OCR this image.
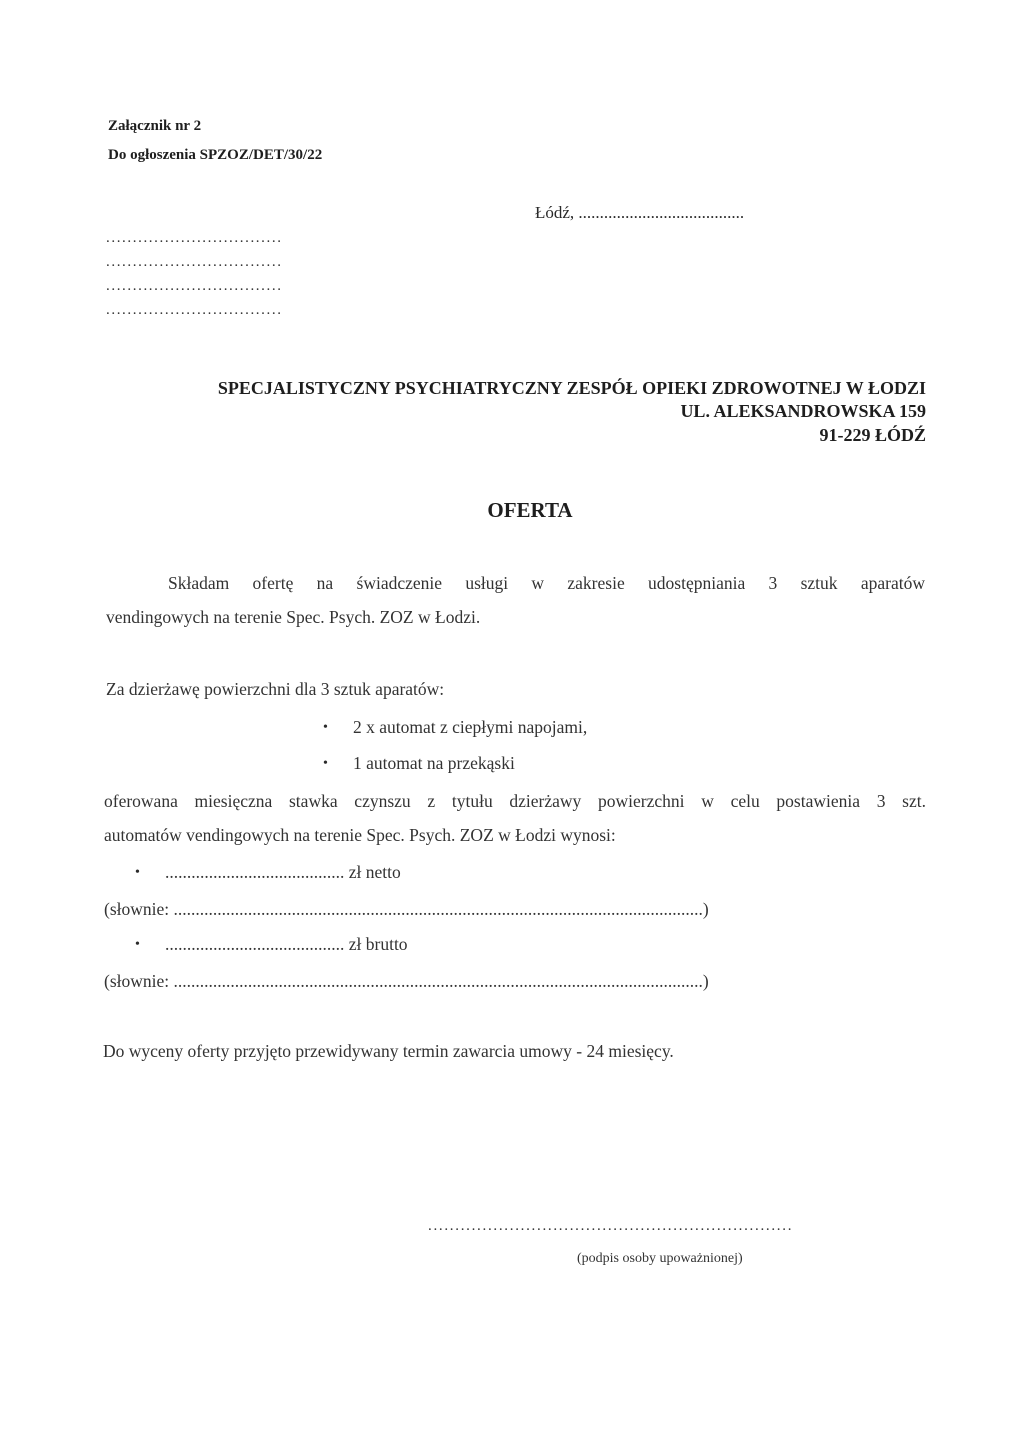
Załącznik nr 2
Do ogłoszenia SPZOZ/DET/30/22
Łódź, .......................................
.................................
.................................
.................................
.................................
SPECJALISTYCZNY PSYCHIATRYCZNY ZESPÓŁ OPIEKI ZDROWOTNEJ W ŁODZI
UL. ALEKSANDROWSKA 159
91-229 ŁÓDŹ
OFERTA
Składam ofertę na świadczenie usługi w zakresie udostępniania 3 sztuk aparatów
vendingowych na terenie Spec. Psych. ZOZ w Łodzi.
Za dzierżawę powierzchni dla 3 sztuk aparatów:
• 2 x automat z ciepłymi napojami,
• 1 automat na przekąski
oferowana miesięczna stawka czynszu z tytułu dzierżawy powierzchni w celu postawienia 3 szt.
automatów vendingowych na terenie Spec. Psych. ZOZ w Łodzi wynosi:
• ......................................... zł netto
(słownie: .........................................................................................................................)
• ......................................... zł brutto
(słownie: .........................................................................................................................)
Do wyceny oferty przyjęto przewidywany termin zawarcia umowy - 24 miesięcy.
...................................................................
(podpis osoby upoważnionej)
